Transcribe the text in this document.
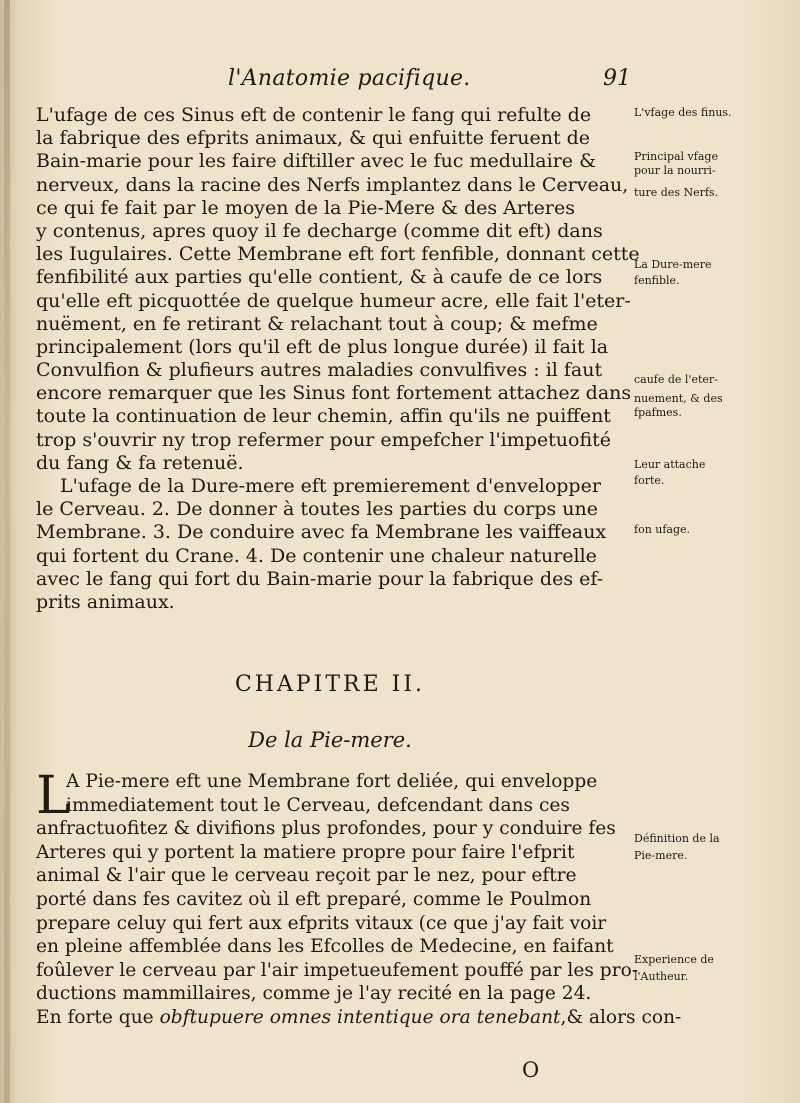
l'Anatomie pacifique.	91
L'ufage de ces Sinus eft de contenir le fang qui refulte de
la fabrique des efprits animaux, & qui enfuitte feruent de
Bain-marie pour les faire diftiller avec le fuc medullaire &
nerveux, dans la racine des Nerfs implantez dans le Cerveau,
ce qui fe fait par le moyen de la Pie-Mere & des Arteres
y contenus, apres quoy il fe decharge (comme dit eft) dans
les Iugulaires. Cette Membrane eft fort fenfible, donnant cette
fenfibilité aux parties qu'elle contient, & à caufe de ce lors
qu'elle eft picquottée de quelque humeur acre, elle fait l'eter-
nuëment, en fe retirant & relachant tout à coup; & mefme
principalement (lors qu'il eft de plus longue durée) il fait la
Convulfion & plufieurs autres maladies convulfives : il faut
encore remarquer que les Sinus font fortement attachez dans
toute la continuation de leur chemin, affin qu'ils ne puiffent
trop s'ouvrir ny trop refermer pour empefcher l'impetuofité
du fang & fa retenuë.
L'ufage de la Dure-mere eft premierement d'envelopper
le Cerveau. 2. De donner à toutes les parties du corps une
Membrane. 3. De conduire avec fa Membrane les vaiffeaux
qui fortent du Crane. 4. De contenir une chaleur naturelle
avec le fang qui fort du Bain-marie pour la fabrique des ef-
prits animaux.
CHAPITRE II.
De la Pie-mere.
L
A Pie-mere eft une Membrane fort deliée, qui enveloppe
immediatement tout le Cerveau, defcendant dans ces
anfractuofitez & divifions plus profondes, pour y conduire fes
Arteres qui y portent la matiere propre pour faire l'efprit
animal & l'air que le cerveau reçoit par le nez, pour eftre
porté dans fes cavitez où il eft preparé, comme le Poulmon
prepare celuy qui fert aux efprits vitaux (ce que j'ay fait voir
en pleine affemblée dans les Efcolles de Medecine, en faifant
foûlever le cerveau par l'air impetueufement pouffé par les pro-
ductions mammillaires, comme je l'ay recité en la page 24.
En forte que obftupuere omnes intentique ora tenebant,& alors con-
L'vfage des finus.
Principal vfage
pour la nourri-
ture des Nerfs.
La Dure-mere
fenfible.
caufe de l'eter-
nuement, & des
fpafmes.
Leur attache
forte.
fon ufage.
Définition de la
Pie-mere.
Experience de
l'Autheur.
O
